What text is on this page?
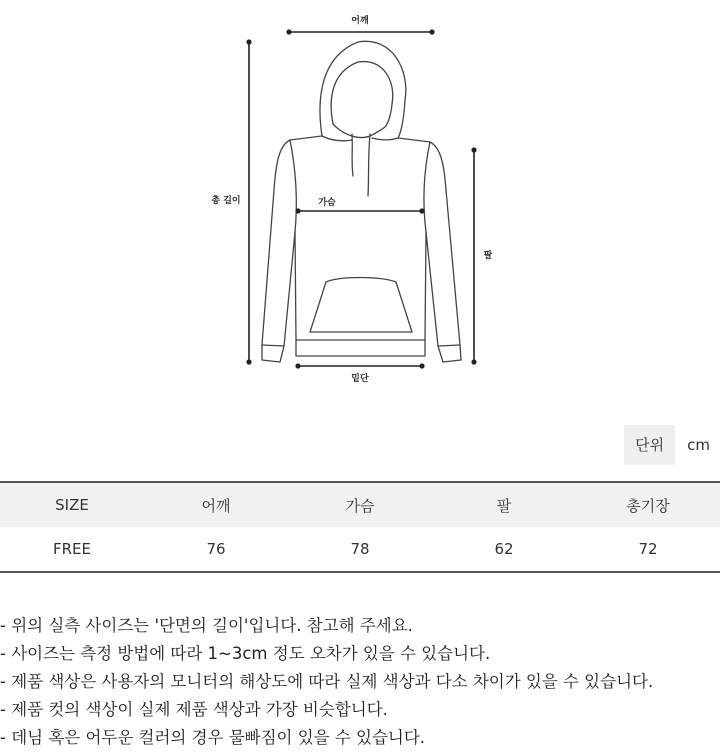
어깨
총 길이	가슴
팔
밑단
단위	cm
SIZE	어깨	가슴	팔	총기장
FREE	76	78	62	72
- 위의 실측 사이즈는 '단면의 길이'입니다. 참고해 주세요.
- 사이즈는 측정 방법에 따라 1~3cm 정도 오차가 있을 수 있습니다.
- 제품 색상은 사용자의 모니터의 해상도에 따라 실제 색상과 다소 차이가 있을 수 있습니다.
- 제품 컷의 색상이 실제 제품 색상과 가장 비슷합니다.
- 데님 혹은 어두운 컬러의 경우 물빠짐이 있을 수 있습니다.
